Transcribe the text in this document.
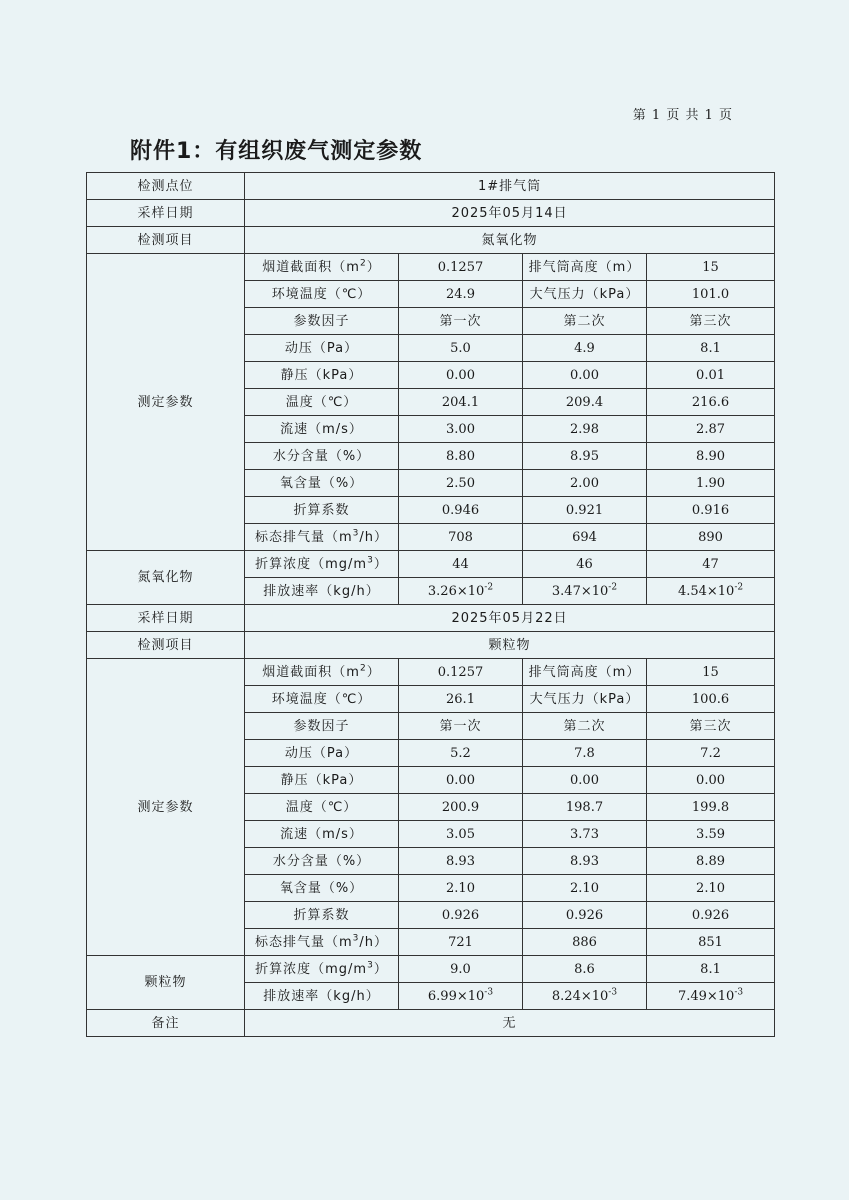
第 1 页 共 1 页
附件1：有组织废气测定参数
检测点位	1#排气筒			
采样日期	2025年05月14日			
检测项目	氮氧化物			
测定参数	烟道截面积$(m^2)$	0.1257	排气筒高度（m）	15
	环境温度（℃）	24.9	大气压力（kPa）	101.0
	参数因子	第一次	第二次	第三次
	动压（Pa）	5.0	4.9	8.1
	静压（kPa）	0.00	0.00	0.01
	温度（℃）	204.1	209.4	216.6
	流速（m/s）	3.00	2.98	2.87
	水分含量（%）	8.80	8.95	8.90
	氧含量（%）	2.50	2.00	1.90
	折算系数	0.946	0.921	0.916
	标态排气量$(m^3/h)$	708	694	890
氮氧化物	折算浓度$(mg/m^3)$	44	46	47
	排放速率（kg/h）	$3.26\times 10^{-2}$	$3.47\times 10^{-2}$	$4.54\times 10^{-2}$
采样日期	2025年05月22日			
检测项目	颗粒物			
测定参数	烟道截面积$(m^2)$	0.1257	排气筒高度（m）	15
	环境温度（℃）	26.1	大气压力（kPa）	100.6
	参数因子	第一次	第二次	第三次
	动压（Pa）	5.2	7.8	7.2
	静压（kPa）	0.00	0.00	0.00
	温度（℃）	200.9	198.7	199.8
	流速（m/s）	3.05	3.73	3.59
	水分含量（%）	8.93	8.93	8.89
	氧含量（%）	2.10	2.10	2.10
	折算系数	0.926	0.926	0.926
	标态排气量$(m^3/h)$	721	886	851
颗粒物	折算浓度$(mg/m^3)$	9.0	8.6	8.1
	排放速率（kg/h）	$6.99\times 10^{-3}$	$8.24\times 10^{-3}$	$7.49\times 10^{-3}$
备注	无			
